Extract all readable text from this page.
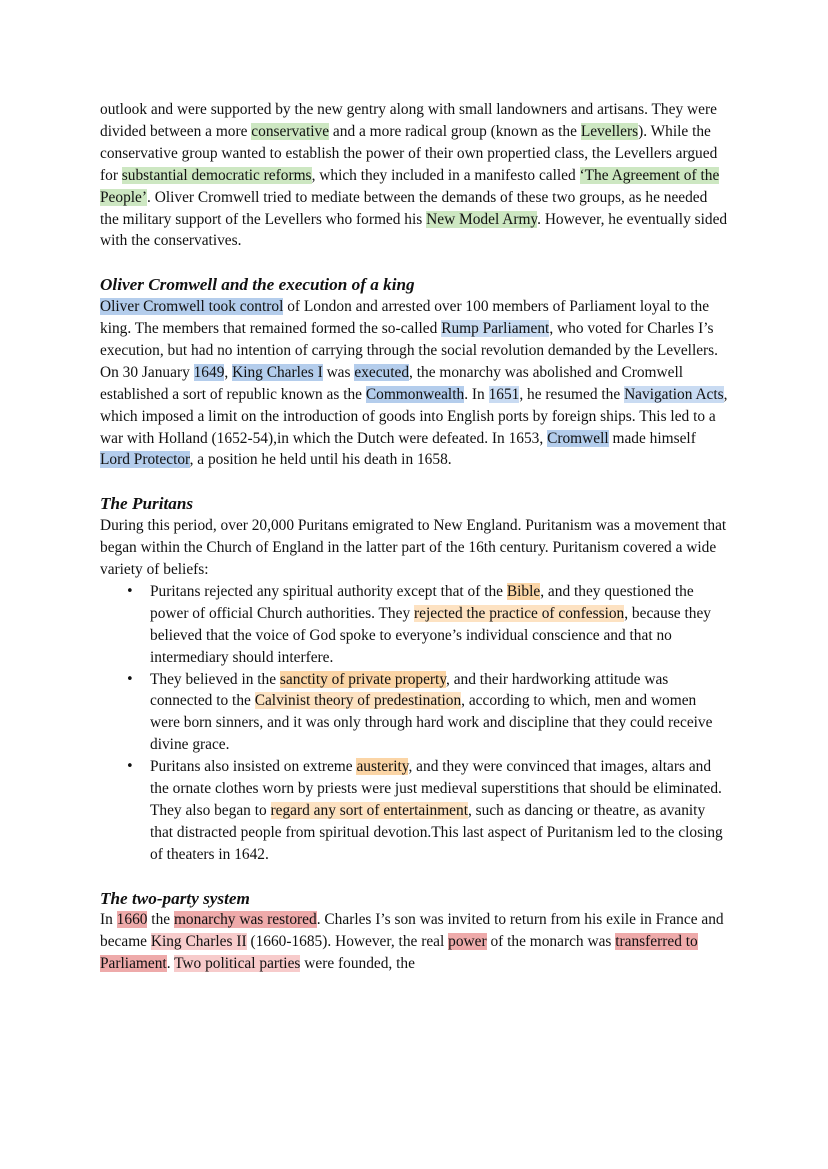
outlook and were supported by the new gentry along with small landowners and artisans. They were divided between a more conservative and a more radical group (known as the Levellers). While the conservative group wanted to establish the power of their own propertied class, the Levellers argued for substantial democratic reforms, which they included in a manifesto called ‘The Agreement of the People’. Oliver Cromwell tried to mediate between the demands of these two groups, as he needed the military support of the Levellers who formed his New Model Army. However, he eventually sided with the conservatives.

Oliver Cromwell and the execution of a king

Oliver Cromwell took control of London and arrested over 100 members of Parliament loyal to the king. The members that remained formed the so-called Rump Parliament, who voted for Charles I’s execution, but had no intention of carrying through the social revolution demanded by the Levellers. On 30 January 1649, King Charles I was executed, the monarchy was abolished and Cromwell established a sort of republic known as the Commonwealth. In 1651, he resumed the Navigation Acts, which imposed a limit on the introduction of goods into English ports by foreign ships. This led to a war with Holland (1652-54),in which the Dutch were defeated. In 1653, Cromwell made himself Lord Protector, a position he held until his death in 1658.

The Puritans

During this period, over 20,000 Puritans emigrated to New England. Puritanism was a movement that began within the Church of England in the latter part of the 16th century. Puritanism covered a wide variety of beliefs:

• Puritans rejected any spiritual authority except that of the Bible, and they questioned the power of official Church authorities. They rejected the practice of confession, because they believed that the voice of God spoke to everyone’s individual conscience and that no intermediary should interfere.
• They believed in the sanctity of private property, and their hardworking attitude was connected to the Calvinist theory of predestination, according to which, men and women were born sinners, and it was only through hard work and discipline that they could receive divine grace.
• Puritans also insisted on extreme austerity, and they were convinced that images, altars and the ornate clothes worn by priests were just medieval superstitions that should be eliminated. They also began to regard any sort of entertainment, such as dancing or theatre, as avanity that distracted people from spiritual devotion.This last aspect of Puritanism led to the closing of theaters in 1642.
The two-party system

In 1660 the monarchy was restored. Charles I’s son was invited to return from his exile in France and became King Charles II (1660-1685). However, the real power of the monarch was transferred to Parliament. Two political parties were founded, the
